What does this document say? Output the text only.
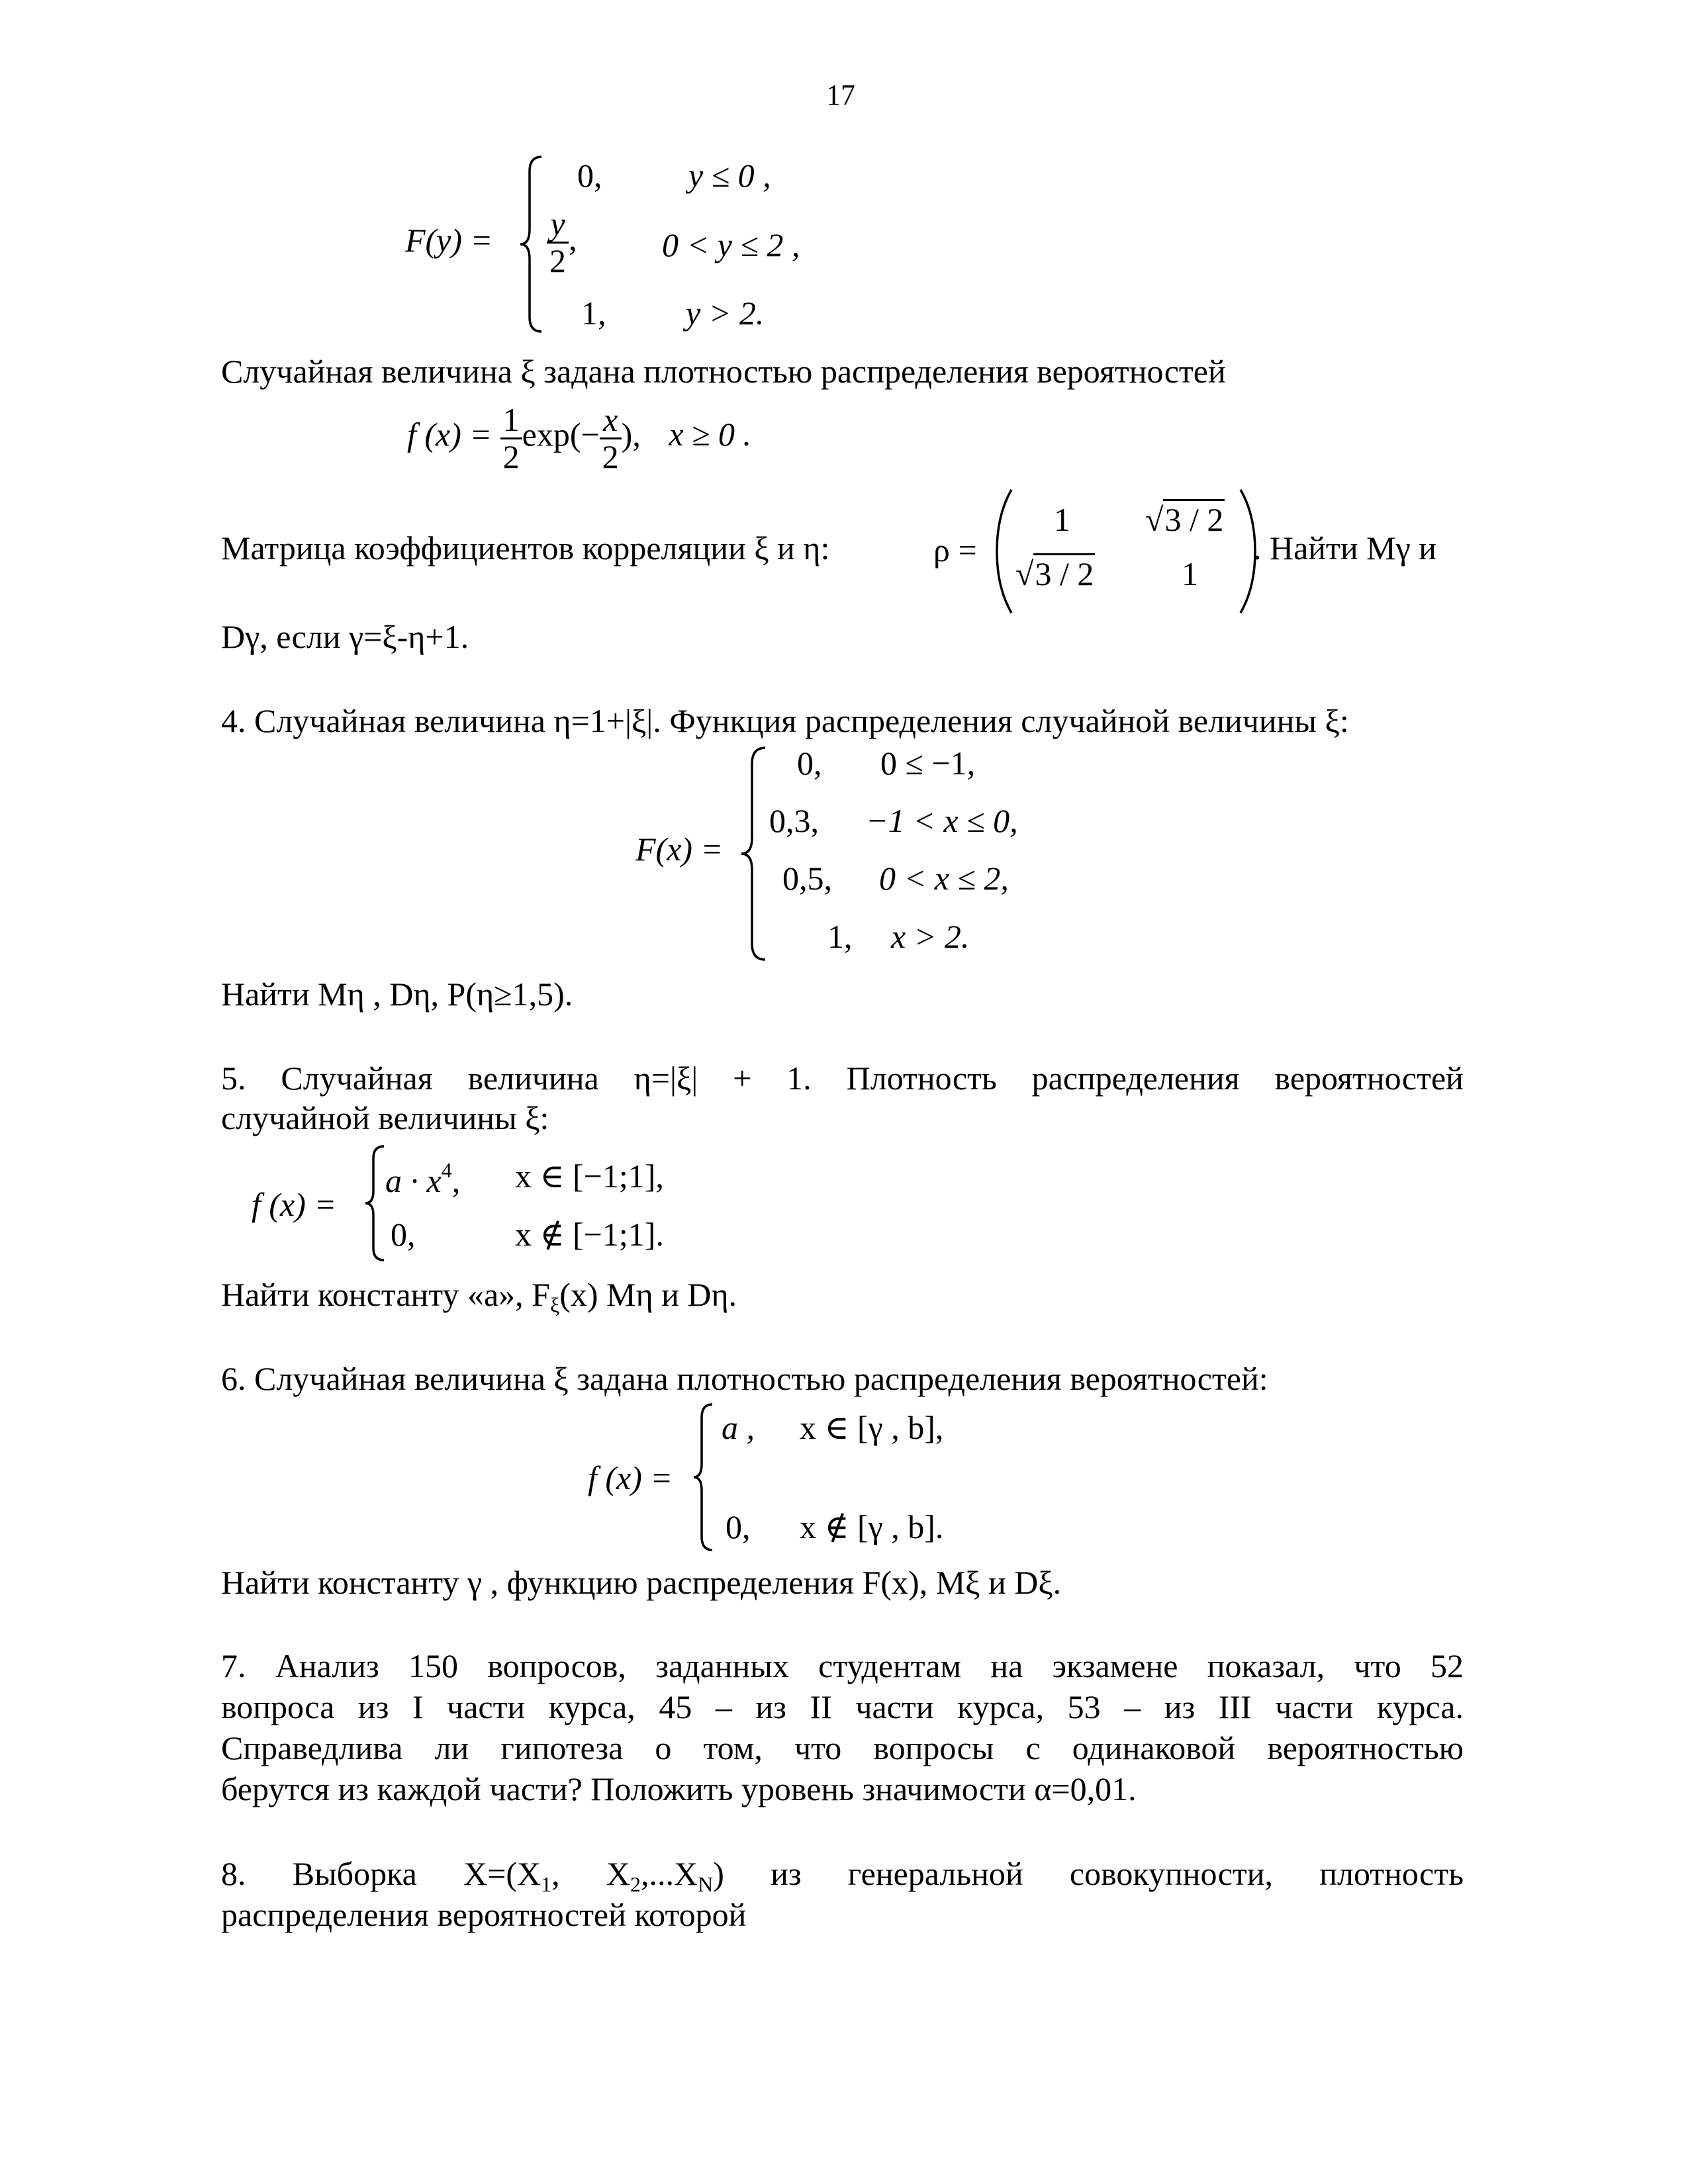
17
F(y) =
0,	y ≤ 0 ,
$\frac{y}{2}$ ,	0 < y ≤ 2 ,
1, y > 2.
Случайная величина ξ задана плотностью распределения вероятностей
f $(x) = \frac{1}{2} \exp(- \frac{x}{2}$ ), x ≥ 0 .
Матрица коэффициентов корреляции ξ и η:	ρ =
1 √3 / 2
√3 / 2	1
. Найти Mγ и
Dγ, если γ=ξ-η+1.
4. Случайная величина η=1+|ξ|. Функция распределения случайной величины ξ:
F(x) =
0, 0 ≤ −1,
0,3, −1 < x ≤ 0,
0,5, 0 < x ≤ 2,
1, x > 2.
Найти Mη , Dη, P(η≥1,5).
5. Случайная величина η=|ξ| + 1. Плотность распределения вероятностей
случайной величины ξ:
f (x) =
$a \cdot x^4$, x ∈ [−1;1],
0,	x ∉ [−1;1].
Найти константу «а», $F_\xi(x)$ Mη и Dη.
6. Случайная величина ξ задана плотностью распределения вероятностей:
f (x) =
a , x ∈ [γ , b],
0, x ∉ [γ , b].
Найти константу γ , функцию распределения F(x), Mξ и Dξ.
7. Анализ 150 вопросов, заданных студентам на экзамене показал, что 52
вопроса из I части курса, 45 – из II части курса, 53 – из III части курса.
Справедлива ли гипотеза о том, что вопросы с одинаковой вероятностью
берутся из каждой части? Положить уровень значимости α=0,01.
8. Выборка $X=(X_1$, $X_2,...X_N$) из генеральной совокупности, плотность
распределения вероятностей которой
